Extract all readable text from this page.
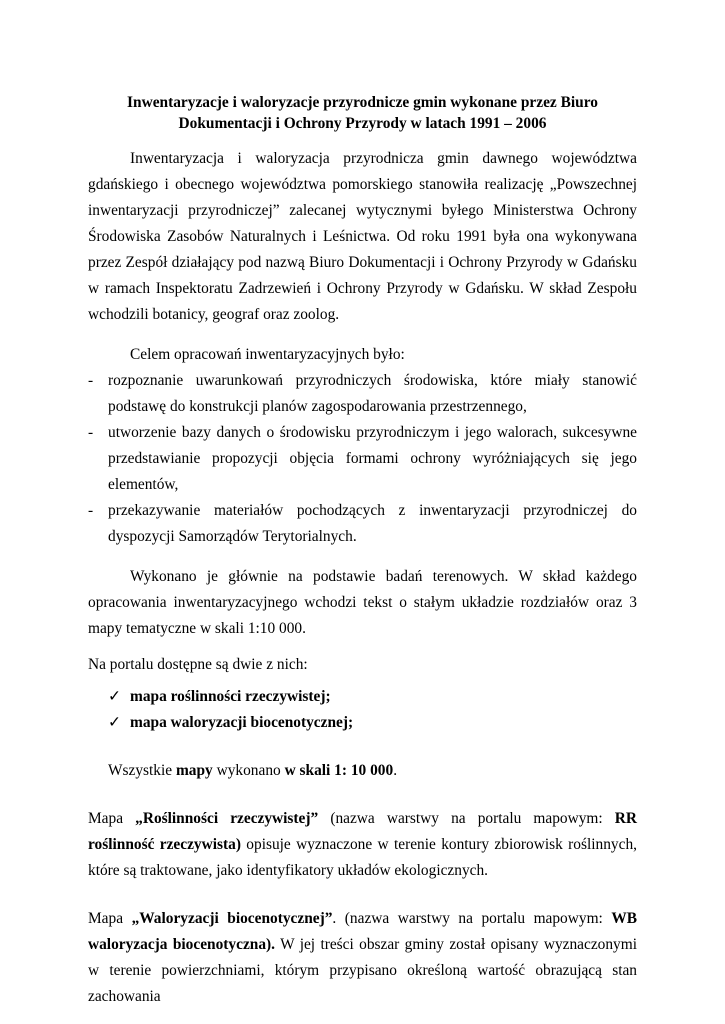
Inwentaryzacje i waloryzacje przyrodnicze gmin wykonane przez Biuro Dokumentacji i Ochrony Przyrody w latach 1991 – 2006

Inwentaryzacja i waloryzacja przyrodnicza gmin dawnego województwa gdańskiego i obecnego województwa pomorskiego stanowiła realizację „Powszechnej inwentaryzacji przyrodniczej” zalecanej wytycznymi byłego Ministerstwa Ochrony Środowiska Zasobów Naturalnych i Leśnictwa. Od roku 1991 była ona wykonywana przez Zespół działający pod nazwą Biuro Dokumentacji i Ochrony Przyrody w Gdańsku w ramach Inspektoratu Zadrzewień i Ochrony Przyrody w Gdańsku. W skład Zespołu wchodzili botanicy, geograf oraz zoolog.

Celem opracowań inwentaryzacyjnych było:

- rozpoznanie uwarunkowań przyrodniczych środowiska, które miały stanowić podstawę do konstrukcji planów zagospodarowania przestrzennego,
- utworzenie bazy danych o środowisku przyrodniczym i jego walorach, sukcesywne przedstawianie propozycji objęcia formami ochrony wyróżniających się jego elementów,
- przekazywanie materiałów pochodzących z inwentaryzacji przyrodniczej do dyspozycji Samorządów Terytorialnych.

Wykonano je głównie na podstawie badań terenowych. W skład każdego opracowania inwentaryzacyjnego wchodzi tekst o stałym układzie rozdziałów oraz 3 mapy tematyczne w skali 1:10 000.

Na portalu dostępne są dwie z nich:

✓ mapa roślinności rzeczywistej;
✓ mapa waloryzacji biocenotycznej;

Wszystkie mapy wykonano w skali 1: 10 000.

Mapa „Roślinności rzeczywistej” (nazwa warstwy na portalu mapowym: RR roślinność rzeczywista) opisuje wyznaczone w terenie kontury zbiorowisk roślinnych, które są traktowane, jako identyfikatory układów ekologicznych.

Mapa „Waloryzacji biocenotycznej”. (nazwa warstwy na portalu mapowym: WB waloryzacja biocenotyczna). W jej treści obszar gminy został opisany wyznaczonymi w terenie powierzchniami, którym przypisano określoną wartość obrazującą stan zachowania
